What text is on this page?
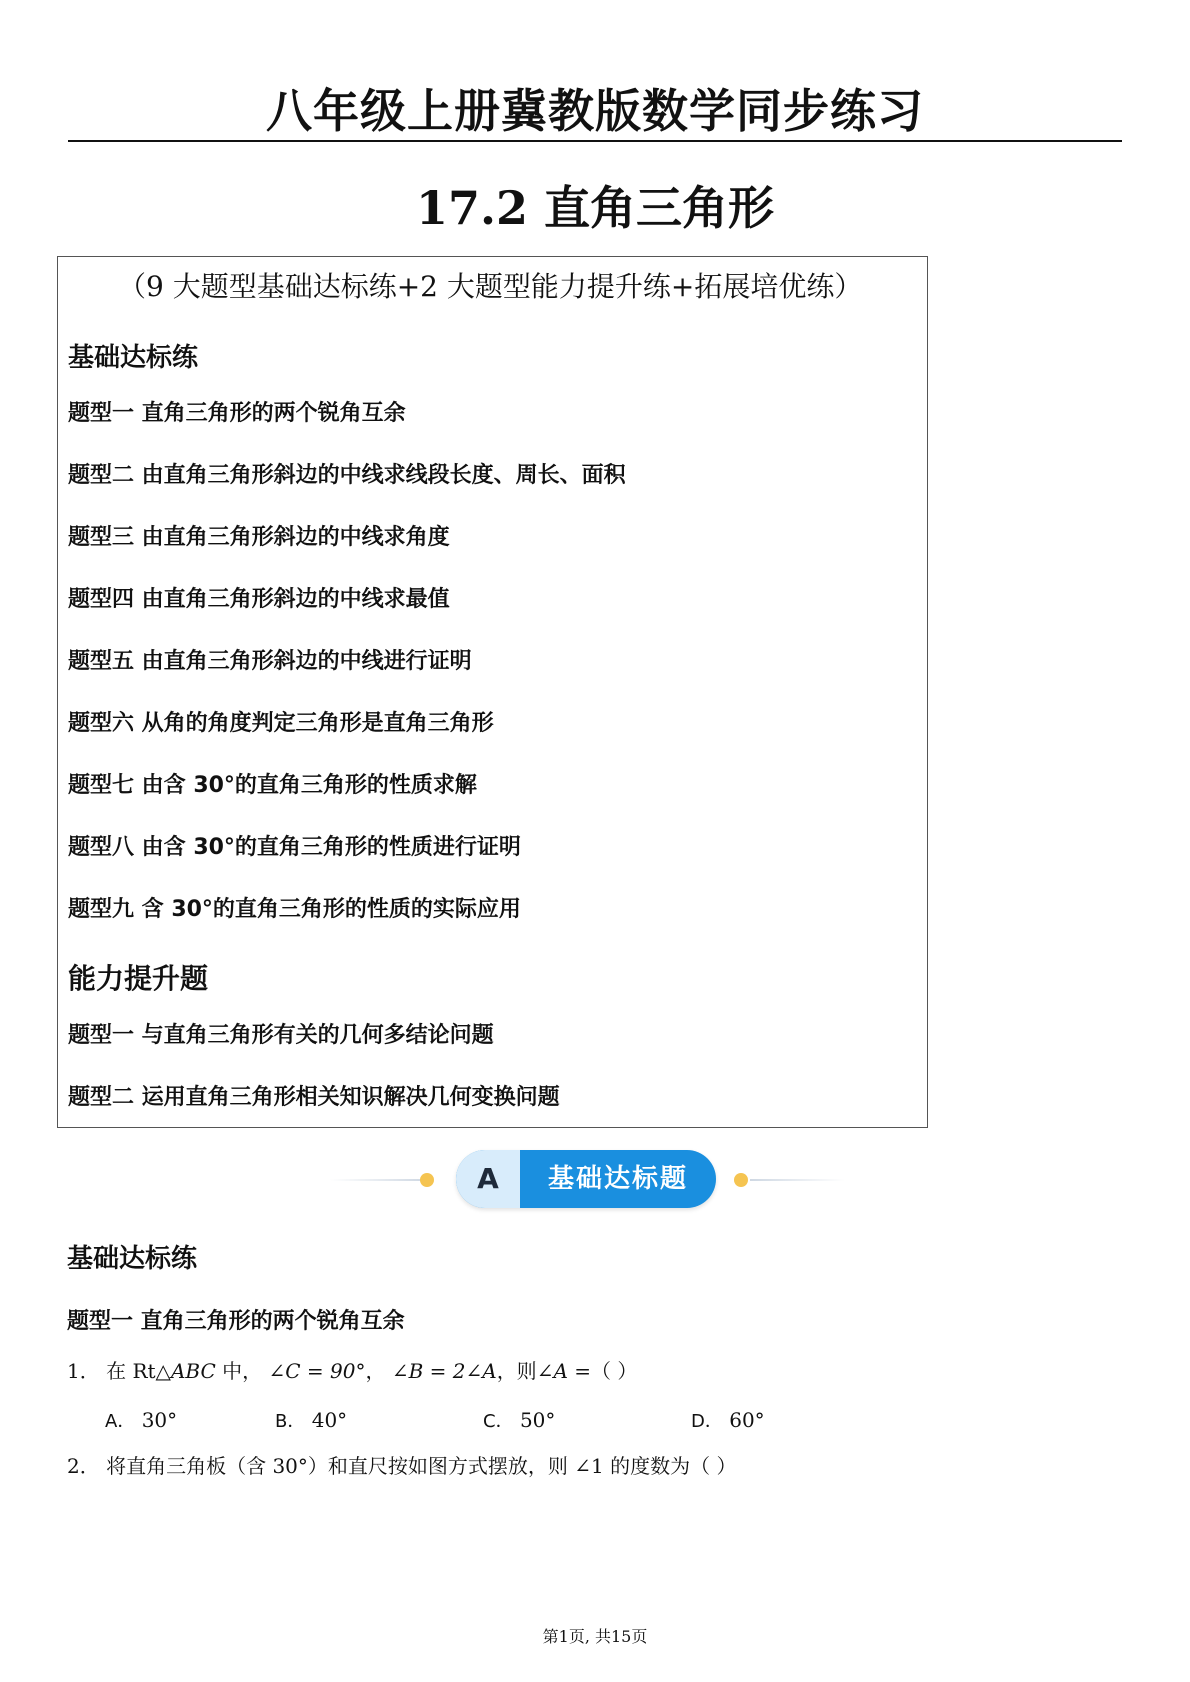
八年级上册冀教版数学同步练习
17.2 直角三角形
（9 大题型基础达标练+2 大题型能力提升练+拓展培优练）
基础达标练
题型一 直角三角形的两个锐角互余
题型二 由直角三角形斜边的中线求线段长度、周长、面积
题型三 由直角三角形斜边的中线求角度
题型四 由直角三角形斜边的中线求最值
题型五 由直角三角形斜边的中线进行证明
题型六 从角的角度判定三角形是直角三角形
题型七 由含 30°的直角三角形的性质求解
题型八 由含 30°的直角三角形的性质进行证明
题型九 含 30°的直角三角形的性质的实际应用
能力提升题
题型一 与直角三角形有关的几何多结论问题
题型二 运用直角三角形相关知识解决几何变换问题
A	基础达标题
基础达标练
题型一 直角三角形的两个锐角互余
1． 在 Rt△ABC 中， ∠C = 90°， ∠B = 2∠A，则∠A =（ ）
A． 30°	B． 40°	C． 50°	D． 60°
2． 将直角三角板（含 30°）和直尺按如图方式摆放，则 ∠1 的度数为（ ）
第1页, 共15页
